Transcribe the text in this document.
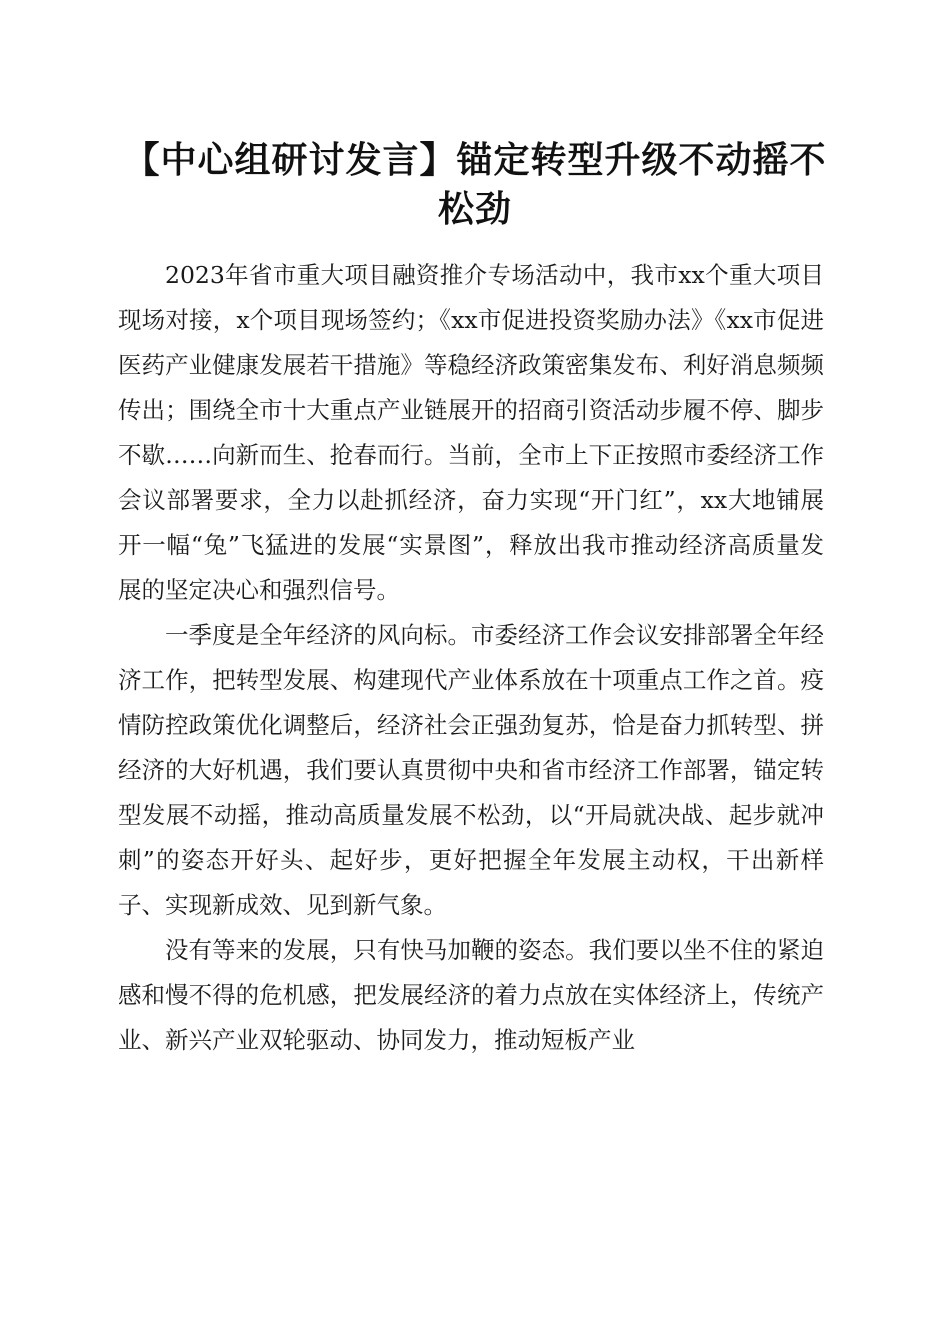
【中心组研讨发言】锚定转型升级不动摇不松劲

2023年省市重大项目融资推介专场活动中，我市xx个重大项目现场对接，x个项目现场签约；《xx市促进投资奖励办法》《xx市促进医药产业健康发展若干措施》等稳经济政策密集发布、利好消息频频传出；围绕全市十大重点产业链展开的招商引资活动步履不停、脚步不歇……向新而生、抢春而行。当前，全市上下正按照市委经济工作会议部署要求，全力以赴抓经济，奋力实现“开门红”，xx大地铺展开一幅“兔”飞猛进的发展“实景图”，释放出我市推动经济高质量发展的坚定决心和强烈信号。

一季度是全年经济的风向标。市委经济工作会议安排部署全年经济工作，把转型发展、构建现代产业体系放在十项重点工作之首。疫情防控政策优化调整后，经济社会正强劲复苏，恰是奋力抓转型、拼经济的大好机遇，我们要认真贯彻中央和省市经济工作部署，锚定转型发展不动摇，推动高质量发展不松劲，以“开局就决战、起步就冲刺”的姿态开好头、起好步，更好把握全年发展主动权，干出新样子、实现新成效、见到新气象。

没有等来的发展，只有快马加鞭的姿态。我们要以坐不住的紧迫感和慢不得的危机感，把发展经济的着力点放在实体经济上，传统产业、新兴产业双轮驱动、协同发力，推动短板产业
